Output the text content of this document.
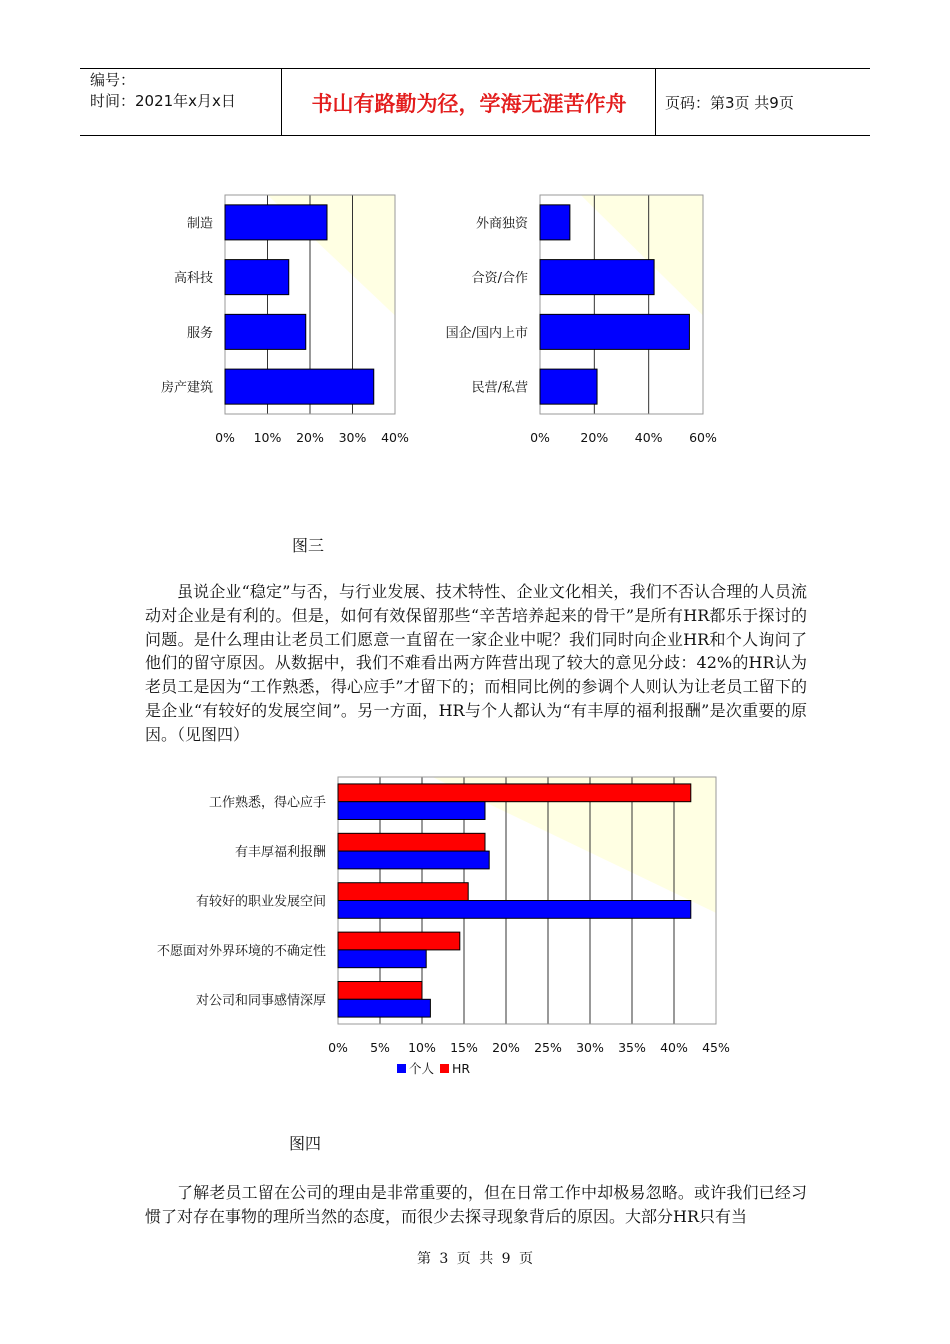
编号：
时间：2021年x月x日	书山有路勤为径，学海无涯苦作舟	页码：第3页 共9页
0% 10% 20% 30% 40%
制造
高科技
服务
房产建筑
0% 20% 40% 60%
外商独资
合资/合作
国企/国内上市
民营/私营
图三

虽说企业“稳定”与否，与行业发展、技术特性、企业文化相关，我们不否认合理的人员流动对企业是有利的。但是，如何有效保留那些“辛苦培养起来的骨干”是所有HR都乐于探讨的问题。是什么理由让老员工们愿意一直留在一家企业中呢？我们同时向企业HR和个人询问了他们的留守原因。从数据中，我们不难看出两方阵营出现了较大的意见分歧：42%的HR认为老员工是因为“工作熟悉，得心应手”才留下的；而相同比例的参调个人则认为让老员工留下的是企业“有较好的发展空间”。另一方面，HR与个人都认为“有丰厚的福利报酬”是次重要的原因。（见图四）

0% 5% 10% 15% 20% 25% 30% 35% 40% 45%
工作熟悉，得心应手
有丰厚福利报酬
有较好的职业发展空间
不愿面对外界环境的不确定性
对公司和同事感情深厚
个人 HR
图四

了解老员工留在公司的理由是非常重要的，但在日常工作中却极易忽略。或许我们已经习惯了对存在事物的理所当然的态度，而很少去探寻现象背后的原因。大部分HR只有当

第 3 页 共 9 页
